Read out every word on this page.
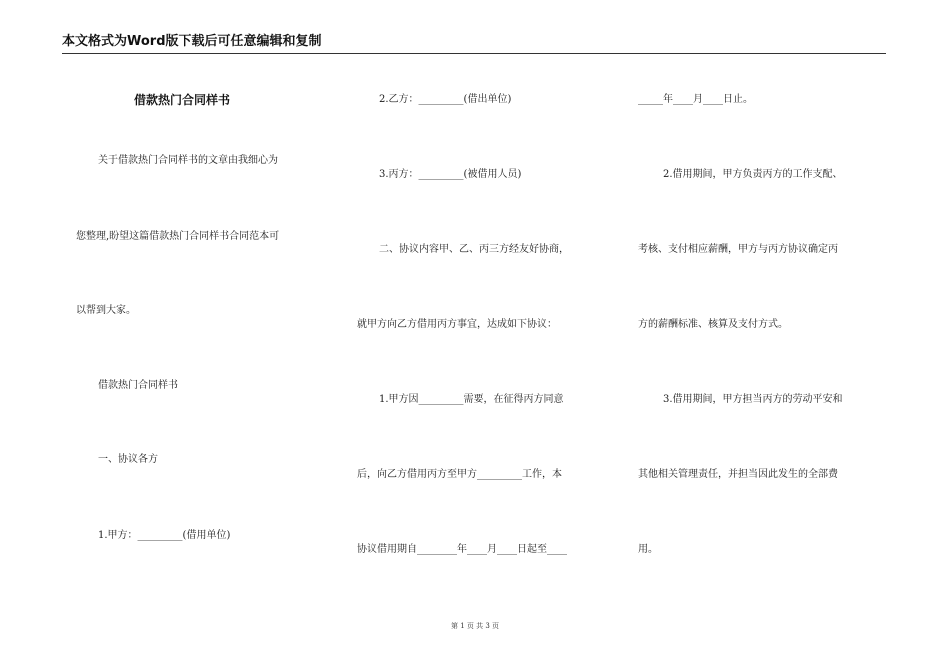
本文格式为Word版下载后可任意编辑和复制
借款热门合同样书
关于借款热门合同样书的文章由我细心为
您整理,盼望这篇借款热门合同样书合同范本可
以帮到大家。
借款热门合同样书
一、协议各方
1.甲方：_________(借用单位)
2.乙方：_________(借出单位)
3.丙方：_________(被借用人员)
二、协议内容甲、乙、丙三方经友好协商，
就甲方向乙方借用丙方事宜，达成如下协议：
1.甲方因_________需要，在征得丙方同意
后，向乙方借用丙方至甲方_________工作，本
协议借用期自________年____月____日起至____
_____年____月____日止。
2.借用期间，甲方负责丙方的工作支配、
考核、支付相应薪酬，甲方与丙方协议确定丙
方的薪酬标准、核算及支付方式。
3.借用期间，甲方担当丙方的劳动平安和
其他相关管理责任，并担当因此发生的全部费
用。
第 1 页 共 3 页
